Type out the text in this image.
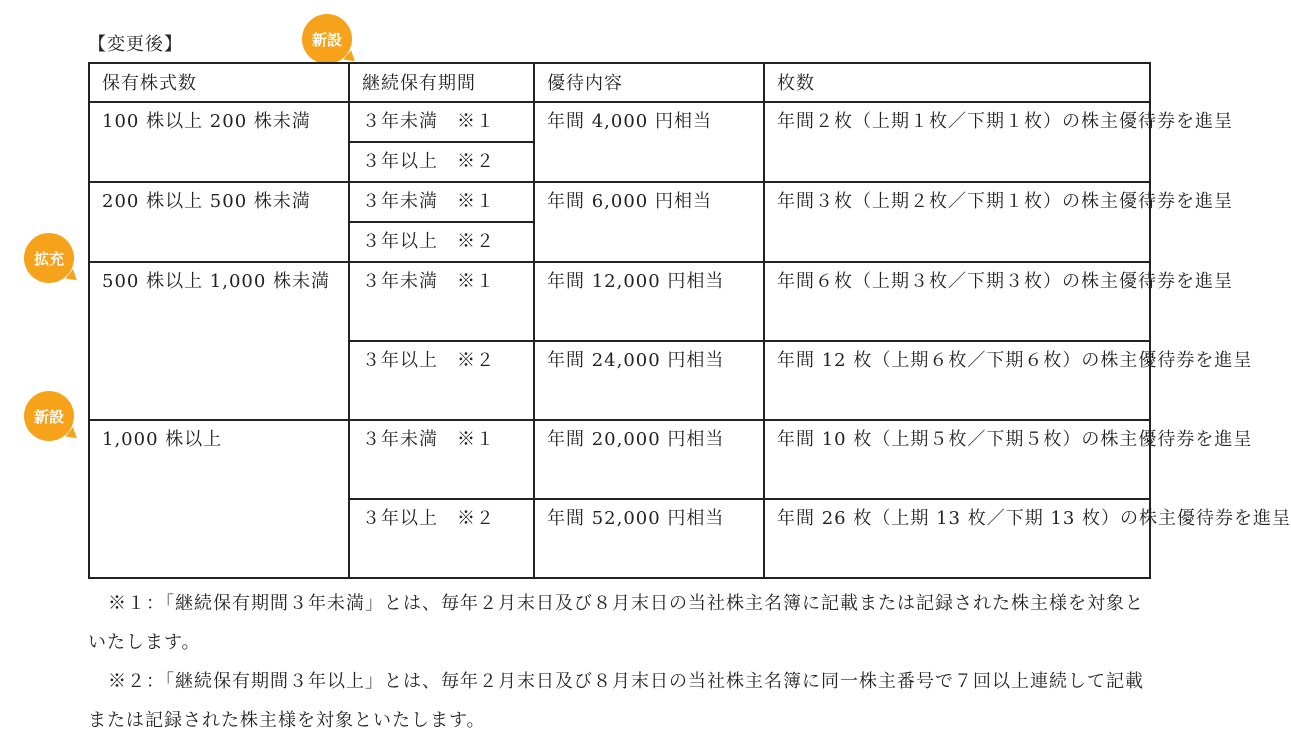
【変更後】	新設
拡充
新設
保有株式数	継続保有期間	優待内容	枚数
100 株以上 200 株未満	３年未満　※１	年間 4,000 円相当	年間２枚（上期１枚／下期１枚）の株主優待券を進呈
	３年以上　※２		
200 株以上 500 株未満	３年未満　※１	年間 6,000 円相当	年間３枚（上期２枚／下期１枚）の株主優待券を進呈
	３年以上　※２		
500 株以上 1,000 株未満	３年未満　※１	年間 12,000 円相当	年間６枚（上期３枚／下期３枚）の株主優待券を進呈
	３年以上　※２	年間 24,000 円相当	年間 12 枚（上期６枚／下期６枚）の株主優待券を進呈
1,000 株以上	３年未満　※１	年間 20,000 円相当	年間 10 枚（上期５枚／下期５枚）の株主優待券を進呈
	３年以上　※２	年間 52,000 円相当	年間 26 枚（上期 13 枚／下期 13 枚）の株主優待券を進呈

※１：「継続保有期間３年未満」とは、毎年２月末日及び８月末日の当社株主名簿に記載または記録された株主様を対象といたします。

※２：「継続保有期間３年以上」とは、毎年２月末日及び８月末日の当社株主名簿に同一株主番号で７回以上連続して記載または記録された株主様を対象といたします。
